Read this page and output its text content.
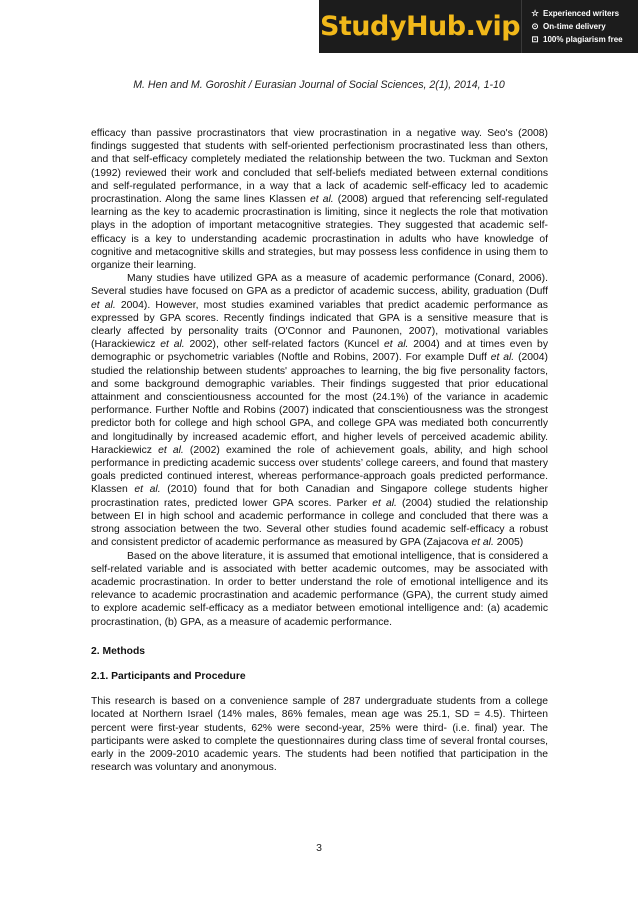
StudyHub.vip ☆ Experienced writers
⊙ On-time delivery
⊡ 100% plagiarism free
M. Hen and M. Goroshit / Eurasian Journal of Social Sciences, 2(1), 2014, 1-10

efficacy than passive procrastinators that view procrastination in a negative way. Seo's (2008) findings suggested that students with self-oriented perfectionism procrastinated less than others, and that self-efficacy completely mediated the relationship between the two. Tuckman and Sexton (1992) reviewed their work and concluded that self-beliefs mediated between external conditions and self-regulated performance, in a way that a lack of academic self-efficacy led to academic procrastination. Along the same lines Klassen et al. (2008) argued that referencing self-regulated learning as the key to academic procrastination is limiting, since it neglects the role that motivation plays in the adoption of important metacognitive strategies. They suggested that academic self-efficacy is a key to understanding academic procrastination in adults who have knowledge of cognitive and metacognitive skills and strategies, but may possess less confidence in using them to organize their learning.

Many studies have utilized GPA as a measure of academic performance (Conard, 2006). Several studies have focused on GPA as a predictor of academic success, ability, graduation (Duff et al. 2004). However, most studies examined variables that predict academic performance as expressed by GPA scores. Recently findings indicated that GPA is a sensitive measure that is clearly affected by personality traits (O'Connor and Paunonen, 2007), motivational variables (Harackiewicz et al. 2002), other self-related factors (Kuncel et al. 2004) and at times even by demographic or psychometric variables (Noftle and Robins, 2007). For example Duff et al. (2004) studied the relationship between students' approaches to learning, the big five personality factors, and some background demographic variables. Their findings suggested that prior educational attainment and conscientiousness accounted for the most (24.1%) of the variance in academic performance. Further Noftle and Robins (2007) indicated that conscientiousness was the strongest predictor both for college and high school GPA, and college GPA was mediated both concurrently and longitudinally by increased academic effort, and higher levels of perceived academic ability. Harackiewicz et al. (2002) examined the role of achievement goals, ability, and high school performance in predicting academic success over students’ college careers, and found that mastery goals predicted continued interest, whereas performance-approach goals predicted performance. Klassen et al. (2010) found that for both Canadian and Singapore college students higher procrastination rates, predicted lower GPA scores. Parker et al. (2004) studied the relationship between EI in high school and academic performance in college and concluded that there was a strong association between the two. Several other studies found academic self-efficacy a robust and consistent predictor of academic performance as measured by GPA (Zajacova et al. 2005)

Based on the above literature, it is assumed that emotional intelligence, that is considered a self-related variable and is associated with better academic outcomes, may be associated with academic procrastination. In order to better understand the role of emotional intelligence and its relevance to academic procrastination and academic performance (GPA), the current study aimed to explore academic self-efficacy as a mediator between emotional intelligence and: (a) academic procrastination, (b) GPA, as a measure of academic performance.

2. Methods
2.1. Participants and Procedure

This research is based on a convenience sample of 287 undergraduate students from a college located at Northern Israel (14% males, 86% females, mean age was 25.1, SD = 4.5). Thirteen percent were first-year students, 62% were second-year, 25% were third- (i.e. final) year. The participants were asked to complete the questionnaires during class time of several frontal courses, early in the 2009-2010 academic years. The students had been notified that participation in the research was voluntary and anonymous.

3
